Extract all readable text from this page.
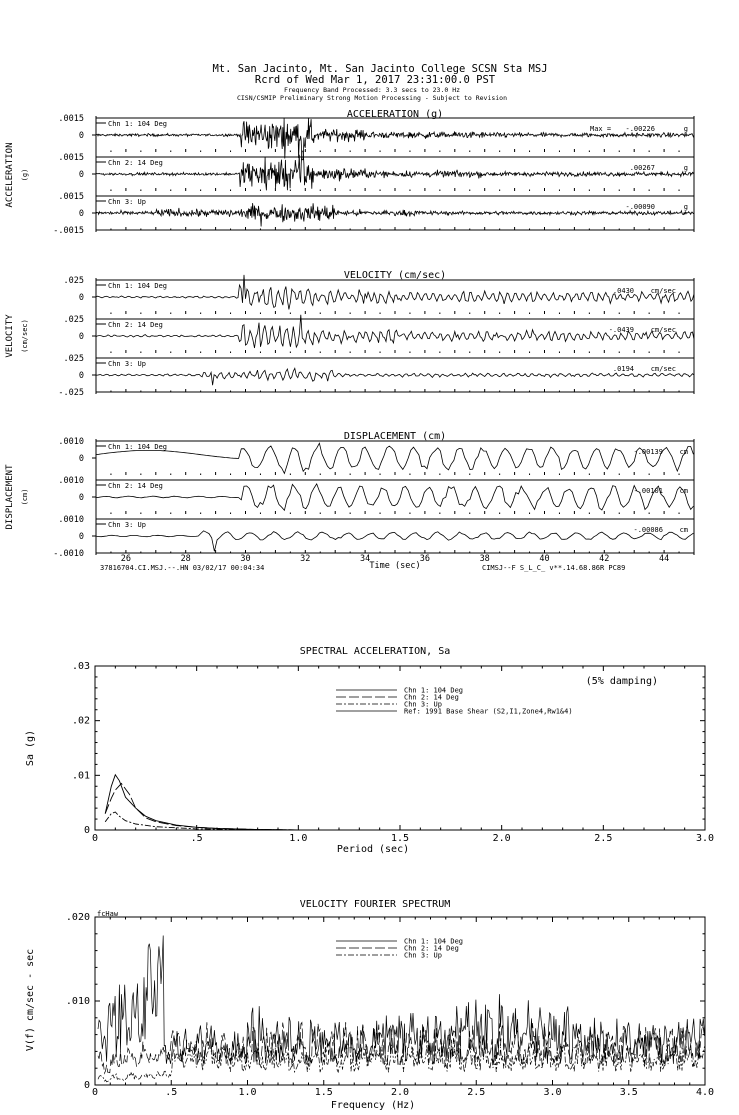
Mt. San Jacinto, Mt. San Jacinto College SCSN Sta MSJ
Rcrd of Wed Mar 1, 2017 23:31:00.0 PST
Frequency Band Processed: 3.3 secs to 23.0 Hz
CISN/CSMIP Preliminary Strong Motion Processing - Subject to Revision
ACCELERATION (g)
ACCELERATION (g)
Chn 1: 104 Deg
Max = -.00226	g
0
.0015
Chn 2: 14 Deg
.00267	g
0
.0015
Chn 3: Up
-.00090	g
0
.0015
-.0015
VELOCITY (cm/sec)
VELOCITY (cm/sec)
Chn 1: 104 Deg
.0430 cm/sec
0
.025
Chn 2: 14 Deg
-.0439 cm/sec
0
.025
Chn 3: Up
.0194 cm/sec
0
.025
-.025
DISPLACEMENT (cm)
DISPLACEMENT (cm)
Chn 1: 104 Deg
-.00139 cm
0
.0010
Chn 2: 14 Deg
-.00101 cm
0
.0010
Chn 3: Up
-.00086 cm
0
.0010
-.0010	26	28	30	32	34	36	38	40	42	44
Time (sec)
37816704.CI.MSJ.--.HN 03/02/17 00:04:34	CIMSJ--F S_L_C_ v**.14.68.86R PC89
SPECTRAL ACCELERATION, Sa
0	.5	1.0	1.5	2.0	2.5	3.0
.03
.02
.01
0
Period (sec)
Sa (g)
(5% damping)
Chn 1: 104 Deg
Chn 2: 14 Deg
Chn 3: Up
Ref: 1991 Base Shear (S2,I1,Zone4,Rw1&4)
VELOCITY FOURIER SPECTRUM
0	.5	1.0	1.5	2.0	2.5	3.0	3.5	4.0
.020
.010
0
Frequency (Hz)
V(f) cm/sec - sec
fcHaw
Chn 1: 104 Deg
Chn 2: 14 Deg
Chn 3: Up
